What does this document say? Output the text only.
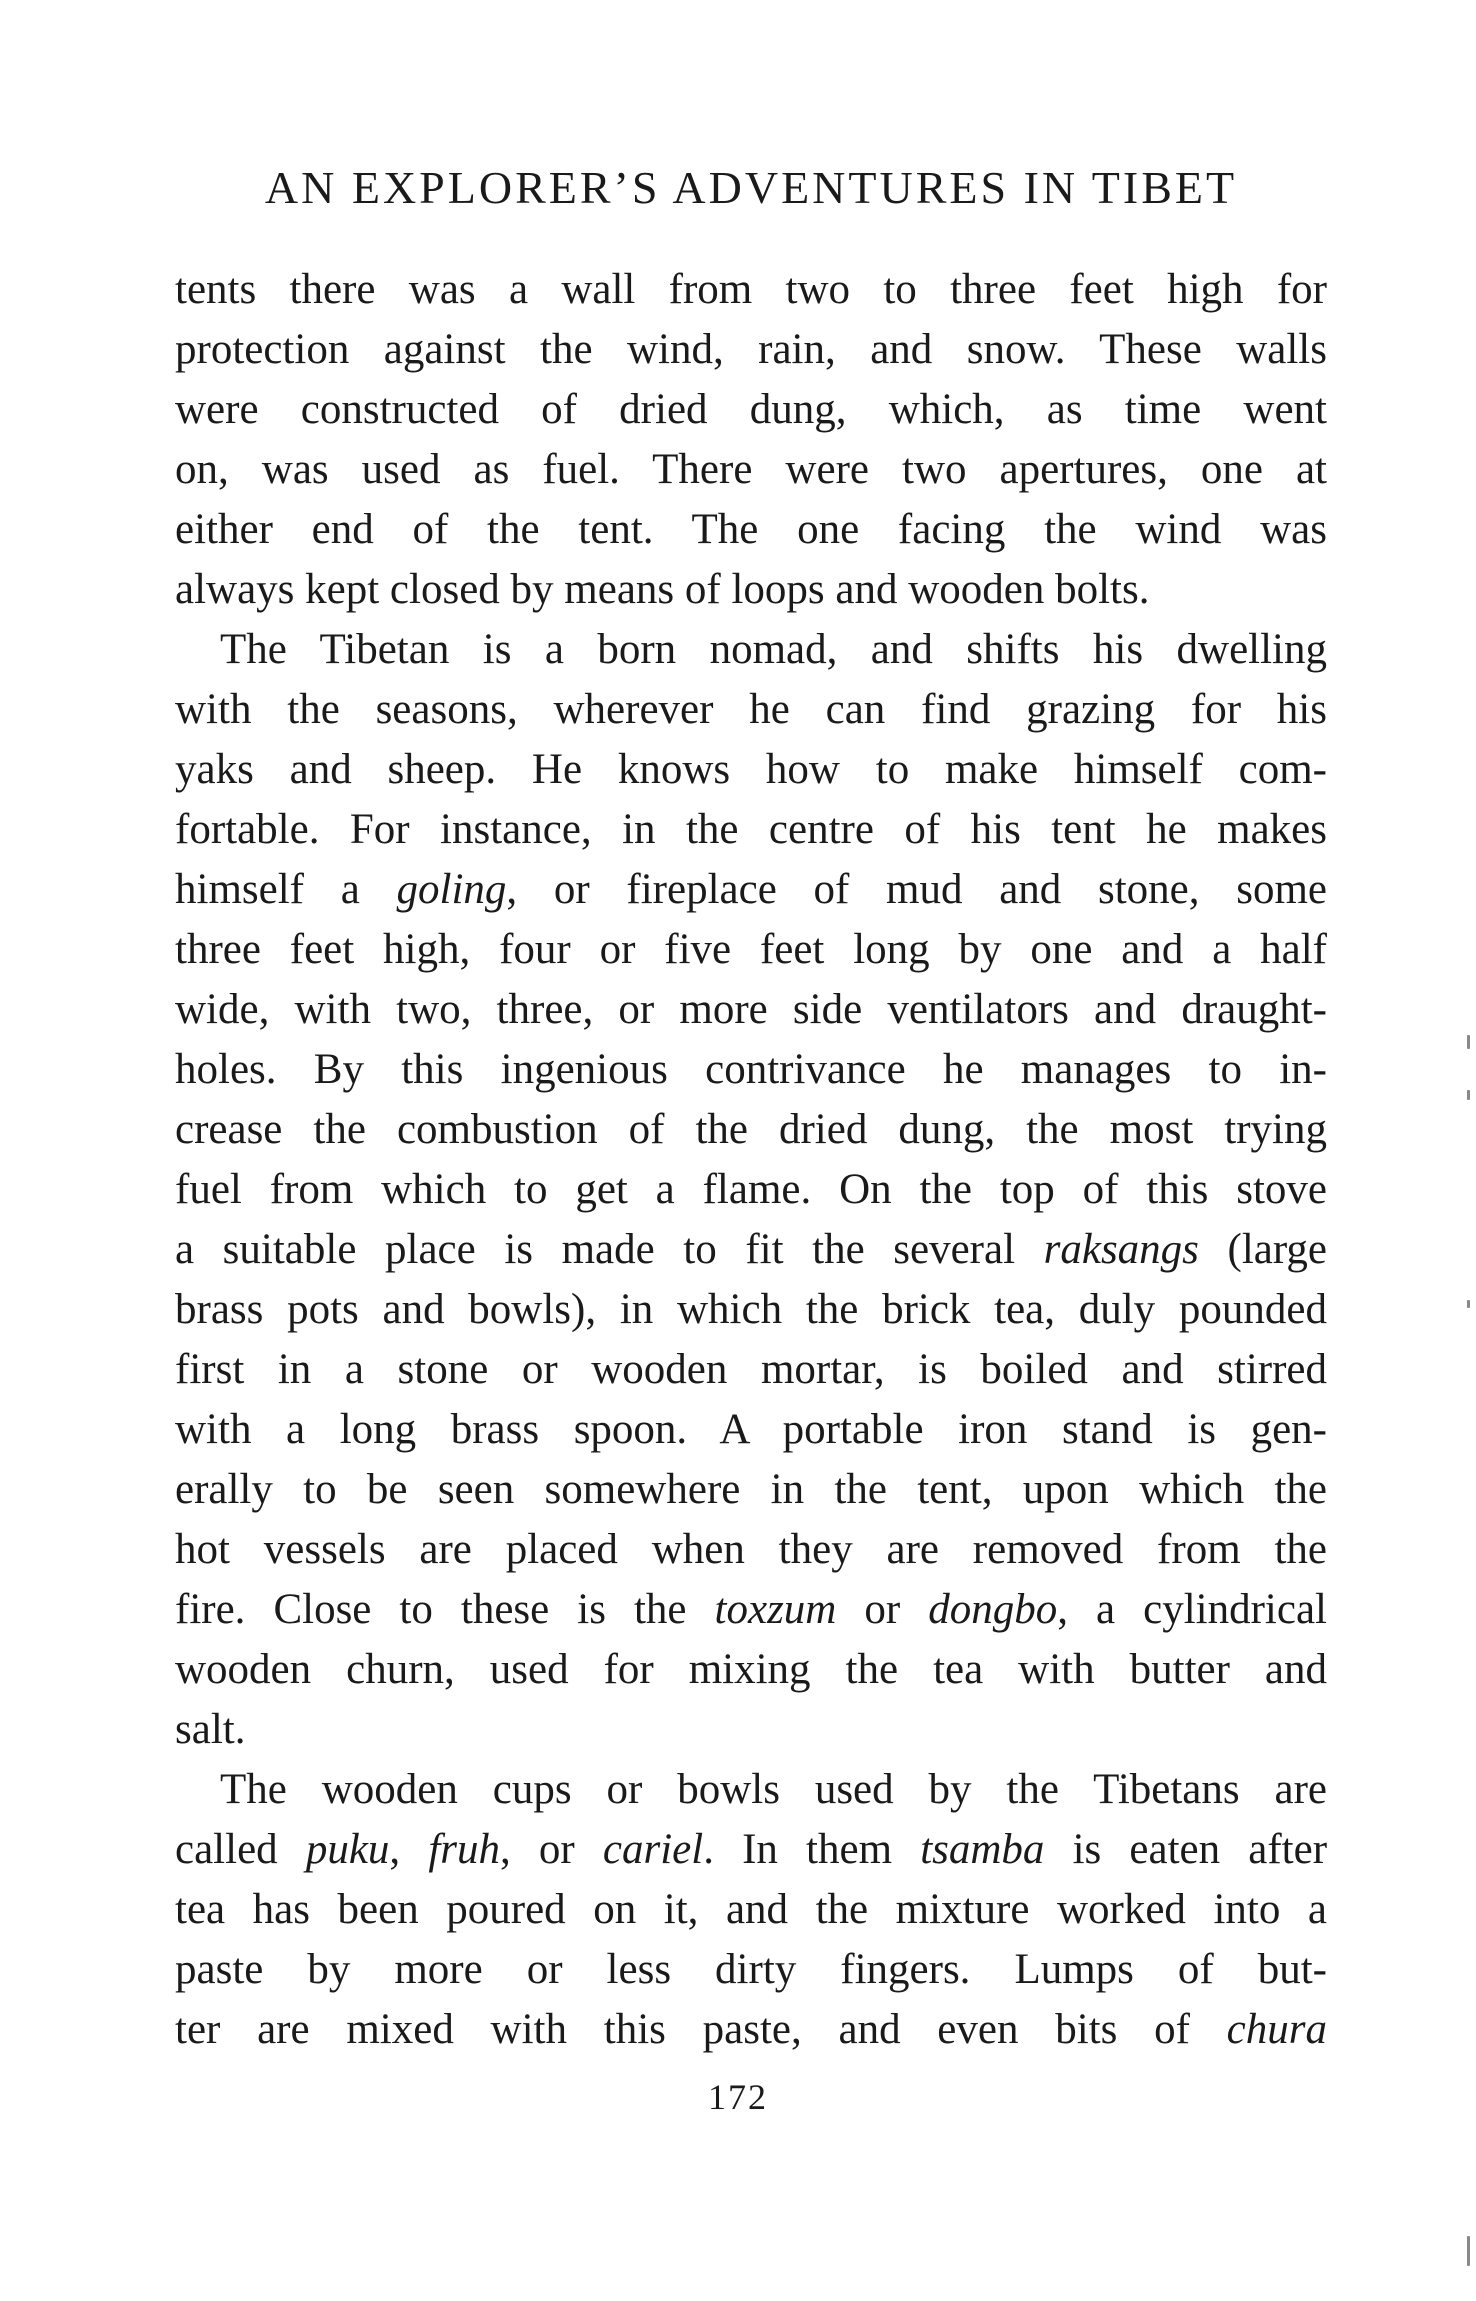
AN EXPLORER’S ADVENTURES IN TIBET
tents there was a wall from two to three feet high for
protection against the wind, rain, and snow. These walls
were constructed of dried dung, which, as time went
on, was used as fuel. There were two apertures, one at
either end of the tent. The one facing the wind was
always kept closed by means of loops and wooden bolts.
The Tibetan is a born nomad, and shifts his dwelling
with the seasons, wherever he can find grazing for his
yaks and sheep. He knows how to make himself com-
fortable. For instance, in the centre of his tent he makes
himself a goling, or fireplace of mud and stone, some
three feet high, four or five feet long by one and a half
wide, with two, three, or more side ventilators and draught-
holes. By this ingenious contrivance he manages to in-
crease the combustion of the dried dung, the most trying
fuel from which to get a flame. On the top of this stove
a suitable place is made to fit the several raksangs (large
brass pots and bowls), in which the brick tea, duly pounded
first in a stone or wooden mortar, is boiled and stirred
with a long brass spoon. A portable iron stand is gen-
erally to be seen somewhere in the tent, upon which the
hot vessels are placed when they are removed from the
fire. Close to these is the toxzum or dongbo, a cylindrical
wooden churn, used for mixing the tea with butter and
salt.
The wooden cups or bowls used by the Tibetans are
called puku, fruh, or cariel. In them tsamba is eaten after
tea has been poured on it, and the mixture worked into a
paste by more or less dirty fingers. Lumps of but-
ter are mixed with this paste, and even bits of chura
172
